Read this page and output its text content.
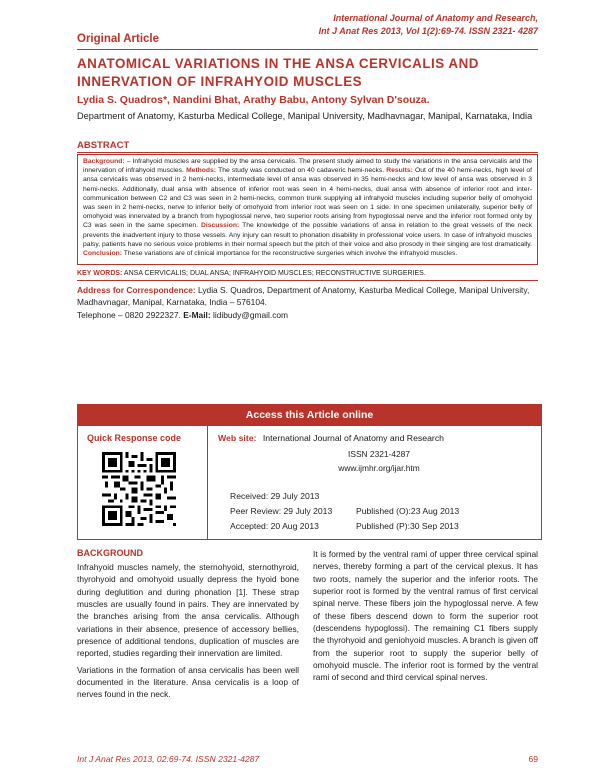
International Journal of Anatomy and Research,
Int J Anat Res 2013, Vol 1(2):69-74. ISSN 2321- 4287
Original Article
ANATOMICAL VARIATIONS IN THE ANSA CERVICALIS AND
INNERVATION OF INFRAHYOID MUSCLES
Lydia S. Quadros*, Nandini Bhat, Arathy Babu, Antony Sylvan D'souza.
Department of Anatomy, Kasturba Medical College, Manipal University, Madhavnagar, Manipal, Karnataka, India
ABSTRACT
Background: – Infrahyoid muscles are supplied by the ansa cervicalis. The present study aimed to study the variations in the ansa cervicalis and the innervation of infrahyoid muscles. Methods: The study was conducted on 40 cadaveric hemi-necks. Results: Out of the 40 hemi-necks, high level of ansa cervicalis was observed in 2 hemi-necks, intermediate level of ansa was observed in 35 hemi-necks and low level of ansa was observed in 3 hemi-necks. Additionally, dual ansa with absence of inferior root was seen in 4 hemi-necks, dual ansa with absence of inferior root and inter-communication between C2 and C3 was seen in 2 hemi-necks, common trunk supplying all infrahyoid muscles including superior belly of omohyoid was seen in 2 hemi-necks, nerve to inferior belly of omohyoid from inferior root was seen on 1 side. In one specimen unilaterally, superior belly of omohyoid was innervated by a branch from hypoglossal nerve, two superior roots arising from hypoglossal nerve and the inferior root formed only by C3 was seen in the same specimen. Discussion: The knowledge of the possible variations of ansa in relation to the great vessels of the neck prevents the inadvertent injury to those vessels. Any injury can result to phonation disability in professional voice users. In case of infrahyoid muscles palsy, patients have no serious voice problems in their normal speech but the pitch of their voice and also prosody in their singing are lost dramatically. Conclusion: These variations are of clinical importance for the reconstructive surgeries which involve the infrahyoid muscles.
KEY WORDS: ANSA CERVICALIS; DUAL ANSA; INFRAHYOID MUSCLES; RECONSTRUCTIVE SURGERIES.
Address for Correspondence: Lydia S. Quadros, Department of Anatomy, Kasturba Medical College, Manipal University, Madhavnagar, Manipal, Karnataka, India – 576104.
Telephone – 0820 2922327. E-Mail: lidibudy@gmail.com
Access this Article online
Quick Response code	Web site: International Journal of Anatomy and Research
ISSN 2321-4287
www.ijmhr.org/ijar.htm
Received: 29 July 2013
Peer Review: 29 July 2013	Published (O):23 Aug 2013
Accepted: 20 Aug 2013	Published (P):30 Sep 2013
BACKGROUND

Infrahyoid muscles namely, the sternohyoid, sternothyroid, thyrohyoid and omohyoid usually depress the hyoid bone during deglutition and during phonation [1]. These strap muscles are usually found in pairs. They are innervated by the branches arising from the ansa cervicalis. Although variations in their absence, presence of accessory bellies, presence of additional tendons, duplication of muscles are reported, studies regarding their innervation are limited.

Variations in the formation of ansa cervicalis has been well documented in the literature. Ansa cervicalis is a loop of nerves found in the neck.

It is formed by the ventral rami of upper three cervical spinal nerves, thereby forming a part of the cervical plexus. It has two roots, namely the superior and the inferior roots. The superior root is formed by the ventral ramus of first cervical spinal nerve. These fibers join the hypoglossal nerve. A few of these fibers descend down to form the superior root (descendens hypoglossi). The remaining C1 fibers supply the thyrohyoid and geniohyoid muscles. A branch is given off from the superior root to supply the superior belly of omohyoid muscle. The inferior root is formed by the ventral rami of second and third cervical spinal nerves.

Int J Anat Res 2013, 02:69-74. ISSN 2321-4287	69
